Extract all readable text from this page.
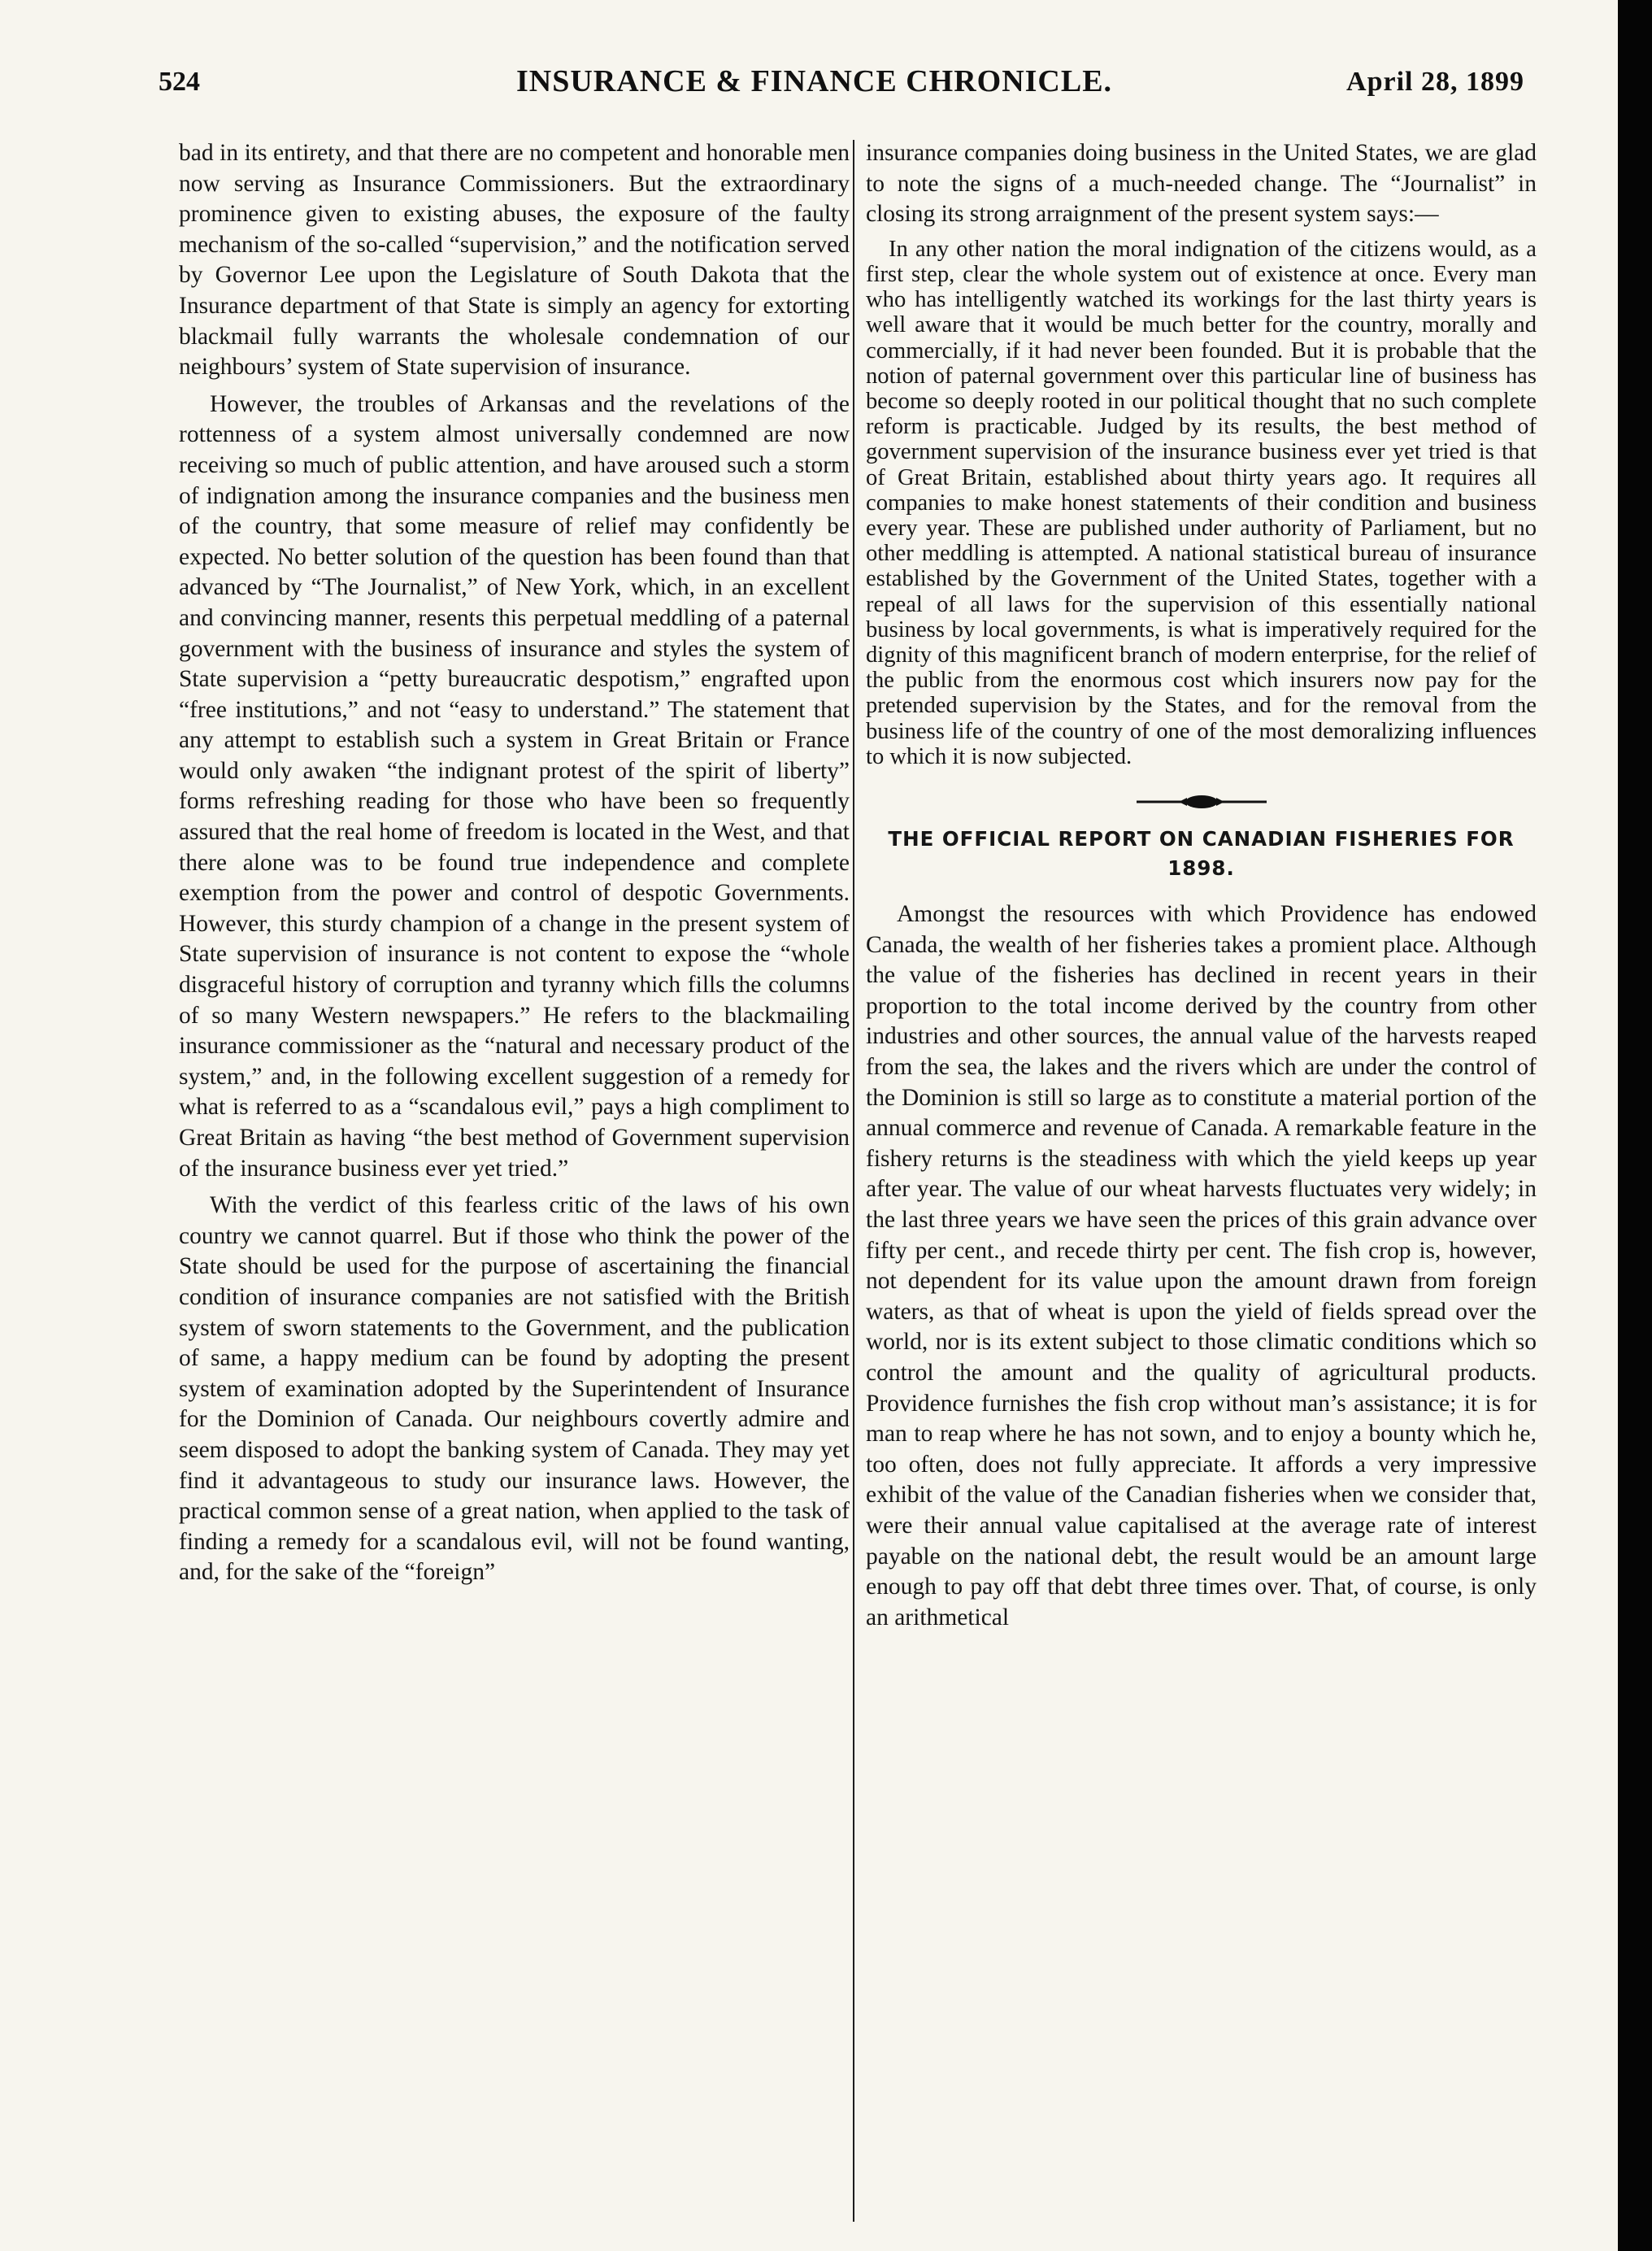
524	INSURANCE & FINANCE CHRONICLE.	April 28, 1899

bad in its entirety, and that there are no competent and honorable men now serving as Insurance Commissioners. But the extraordinary prominence given to existing abuses, the exposure of the faulty mechanism of the so-called “supervision,” and the notification served by Governor Lee upon the Legislature of South Dakota that the Insurance department of that State is simply an agency for extorting blackmail fully warrants the wholesale condemnation of our neighbours’ system of State supervision of insurance.

However, the troubles of Arkansas and the revelations of the rottenness of a system almost universally condemned are now receiving so much of public attention, and have aroused such a storm of indignation among the insurance companies and the business men of the country, that some measure of relief may confidently be expected. No better solution of the question has been found than that advanced by “The Journalist,” of New York, which, in an excellent and convincing manner, resents this perpetual meddling of a paternal government with the business of insurance and styles the system of State supervision a “petty bureaucratic despotism,” engrafted upon “free institutions,” and not “easy to understand.” The statement that any attempt to establish such a system in Great Britain or France would only awaken “the indignant protest of the spirit of liberty” forms refreshing reading for those who have been so frequently assured that the real home of freedom is located in the West, and that there alone was to be found true independence and complete exemption from the power and control of despotic Governments. However, this sturdy champion of a change in the present system of State supervision of insurance is not content to expose the “whole disgraceful history of corruption and tyranny which fills the columns of so many Western newspapers.” He refers to the blackmailing insurance commissioner as the “natural and necessary product of the system,” and, in the following excellent suggestion of a remedy for what is referred to as a “scandalous evil,” pays a high compliment to Great Britain as having “the best method of Government supervision of the insurance business ever yet tried.”

With the verdict of this fearless critic of the laws of his own country we cannot quarrel. But if those who think the power of the State should be used for the purpose of ascertaining the financial condition of insurance companies are not satisfied with the British system of sworn statements to the Government, and the publication of same, a happy medium can be found by adopting the present system of examination adopted by the Superintendent of Insurance for the Dominion of Canada. Our neighbours covertly admire and seem disposed to adopt the banking system of Canada. They may yet find it advantageous to study our insurance laws. However, the practical common sense of a great nation, when applied to the task of finding a remedy for a scandalous evil, will not be found wanting, and, for the sake of the “foreign”

insurance companies doing business in the United States, we are glad to note the signs of a much-needed change. The “Journalist” in closing its strong arraignment of the present system says:—

In any other nation the moral indignation of the citizens would, as a first step, clear the whole system out of existence at once. Every man who has intelligently watched its workings for the last thirty years is well aware that it would be much better for the country, morally and commercially, if it had never been founded. But it is probable that the notion of paternal government over this particular line of business has become so deeply rooted in our political thought that no such complete reform is practicable. Judged by its results, the best method of government supervision of the insurance business ever yet tried is that of Great Britain, established about thirty years ago. It requires all companies to make honest statements of their condition and business every year. These are published under authority of Parliament, but no other meddling is attempted. A national statistical bureau of insurance established by the Government of the United States, together with a repeal of all laws for the supervision of this essentially national business by local governments, is what is imperatively required for the dignity of this magnificent branch of modern enterprise, for the relief of the public from the enormous cost which insurers now pay for the pretended supervision by the States, and for the removal from the business life of the country of one of the most demoralizing influences to which it is now subjected.

THE OFFICIAL REPORT ON CANADIAN FISHERIES FOR 1898.

Amongst the resources with which Providence has endowed Canada, the wealth of her fisheries takes a promient place. Although the value of the fisheries has declined in recent years in their proportion to the total income derived by the country from other industries and other sources, the annual value of the harvests reaped from the sea, the lakes and the rivers which are under the control of the Dominion is still so large as to constitute a material portion of the annual commerce and revenue of Canada. A remarkable feature in the fishery returns is the steadiness with which the yield keeps up year after year. The value of our wheat harvests fluctuates very widely; in the last three years we have seen the prices of this grain advance over fifty per cent., and recede thirty per cent. The fish crop is, however, not dependent for its value upon the amount drawn from foreign waters, as that of wheat is upon the yield of fields spread over the world, nor is its extent subject to those climatic conditions which so control the amount and the quality of agricultural products. Providence furnishes the fish crop without man’s assistance; it is for man to reap where he has not sown, and to enjoy a bounty which he, too often, does not fully appreciate. It affords a very impressive exhibit of the value of the Canadian fisheries when we consider that, were their annual value capitalised at the average rate of interest payable on the national debt, the result would be an amount large enough to pay off that debt three times over. That, of course, is only an arithmetical
